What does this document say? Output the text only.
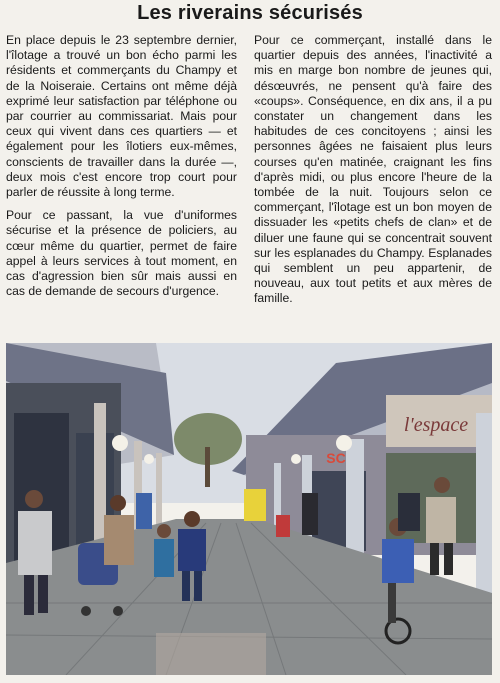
Les riverains sécurisés

En place depuis le 23 septembre dernier, l'îlotage a trouvé un bon écho parmi les résidents et commerçants du Champy et de la Noiseraie. Certains ont même déjà exprimé leur satisfaction par téléphone ou par courrier au commissariat. Mais pour ceux qui vivent dans ces quartiers — et également pour les îlotiers eux-mêmes, conscients de travailler dans la durée —, deux mois c'est encore trop court pour parler de réussite à long terme.

Pour ce passant, la vue d'uniformes sécurise et la présence de policiers, au cœur même du quartier, permet de faire appel à leurs services à tout moment, en cas d'agression bien sûr mais aussi en cas de demande de secours d'urgence.

Pour ce commerçant, installé dans le quartier depuis des années, l'inactivité a mis en marge bon nombre de jeunes qui, désœuvrés, ne pensent qu'à faire des «coups». Conséquence, en dix ans, il a pu constater un changement dans les habitudes de ces concitoyens ; ainsi les personnes âgées ne faisaient plus leurs courses qu'en matinée, craignant les fins d'après midi, ou plus encore l'heure de la tombée de la nuit. Toujours selon ce commerçant, l'îlotage est un bon moyen de dissuader les «petits chefs de clan» et de diluer une faune qui se concentrait souvent sur les esplanades du Champy. Esplanades qui semblent un peu appartenir, de nouveau, aux tout petits et aux mères de famille.

l'espace
SC
